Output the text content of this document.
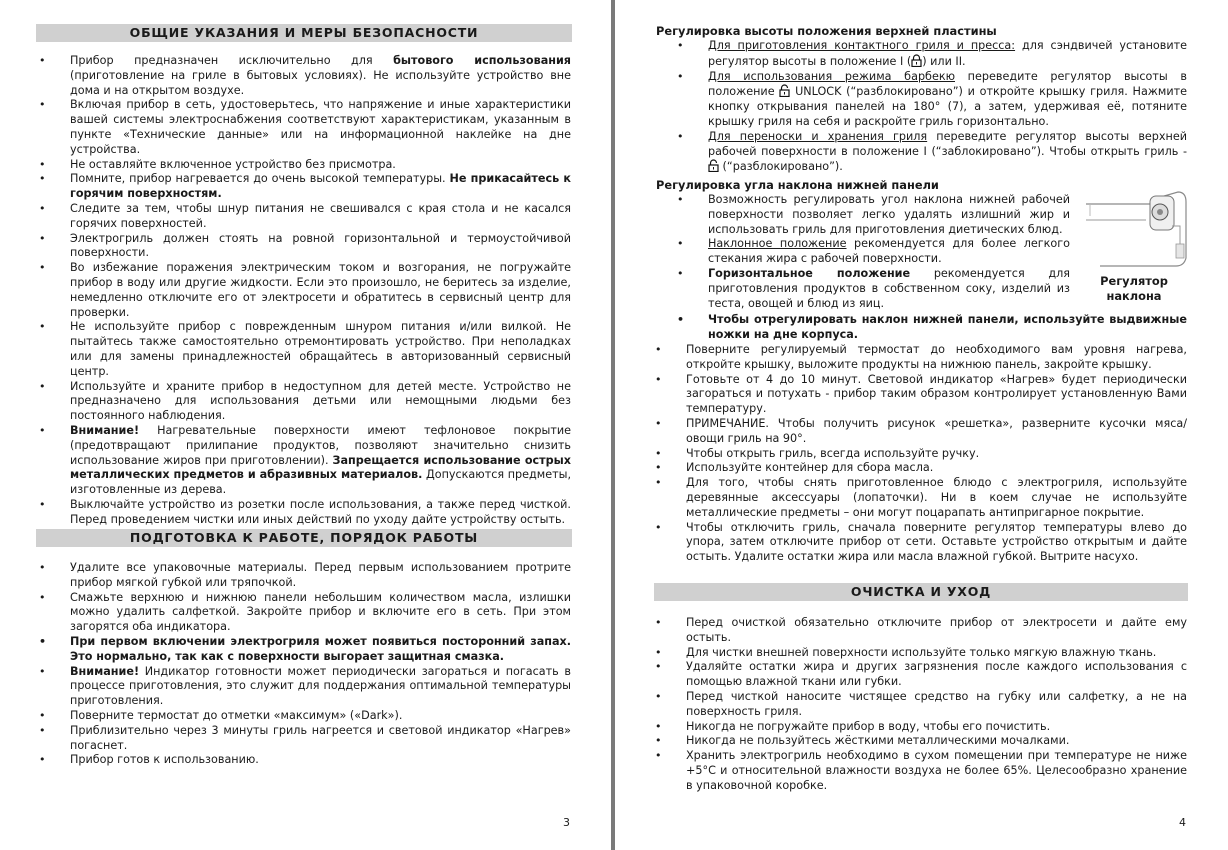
ОБЩИЕ УКАЗАНИЯ И МЕРЫ БЕЗОПАСНОСТИ
• Прибор предназначен исключительно для бытового использования (приготовление на гриле в бытовых условиях). Не используйте устройство вне дома и на открытом воздухе.
• Включая прибор в сеть, удостоверьтесь, что напряжение и иные характеристики вашей системы электроснабжения соответствуют характеристикам, указанным в пункте «Технические данные» или на информационной наклейке на дне устройства.
• Не оставляйте включенное устройство без присмотра.
• Помните, прибор нагревается до очень высокой температуры. Не прикасайтесь к горячим поверхностям.
• Следите за тем, чтобы шнур питания не свешивался с края стола и не касался горячих поверхностей.
• Электрогриль должен стоять на ровной горизонтальной и термоустойчивой поверхности.
• Во избежание поражения электрическим током и возгорания, не погружайте прибор в воду или другие жидкости. Если это произошло, не беритесь за изделие, немедленно отключите его от электросети и обратитесь в сервисный центр для проверки.
• Не используйте прибор с поврежденным шнуром питания и/или вилкой. Не пытайтесь также самостоятельно отремонтировать устройство. При неполадках или для замены принадлежностей обращайтесь в авторизованный сервисный центр.
• Используйте и храните прибор в недоступном для детей месте. Устройство не предназначено для использования детьми или немощными людьми без постоянного наблюдения.
• Внимание! Нагревательные поверхности имеют тефлоновое покрытие (предотвращают прилипание продуктов, позволяют значительно снизить использование жиров при приготовлении). Запрещается использование острых металлических предметов и абразивных материалов. Допускаются предметы, изготовленные из дерева.
• Выключайте устройство из розетки после использования, а также перед чисткой. Перед проведением чистки или иных действий по уходу дайте устройству остыть.
ПОДГОТОВКА К РАБОТЕ, ПОРЯДОК РАБОТЫ
• Удалите все упаковочные материалы. Перед первым использованием протрите прибор мягкой губкой или тряпочкой.
• Смажьте верхнюю и нижнюю панели небольшим количеством масла, излишки можно удалить салфеткой. Закройте прибор и включите его в сеть. При этом загорятся оба индикатора.
• При первом включении электрогриля может появиться посторонний запах. Это нормально, так как с поверхности выгорает защитная смазка.
• Внимание! Индикатор готовности может периодически загораться и погасать в процессе приготовления, это служит для поддержания оптимальной температуры приготовления.
• Поверните термостат до отметки «максимум» («Dark»).
• Приблизительно через 3 минуты гриль нагреется и световой индикатор «Нагрев» погаснет.
• Прибор готов к использованию.
3
Регулировка высоты положения верхней пластины
• Для приготовления контактного гриля и пресса: для сэндвичей установите регулятор высоты в положение I ( ) или II.
• Для использования режима барбекю переведите регулятор высоты в положение  UNLOCK (“разблокировано”) и откройте крышку гриля. Нажмите кнопку открывания панелей на 180° (7), а затем, удерживая её, потяните крышку гриля на себя и раскройте гриль горизонтально.
• Для переноски и хранения гриля переведите регулятор высоты верхней рабочей поверхности в положение I (“заблокировано”). Чтобы открыть гриль -  (“разблокировано”).
Регулировка угла наклона нижней панели
• Возможность регулировать угол наклона нижней рабочей поверхности позволяет легко удалять излишний жир и использовать гриль для приготовления диетических блюд.
• Наклонное положение рекомендуется для более легкого стекания жира с рабочей поверхности.
• Горизонтальное положение рекомендуется для приготовления продуктов в собственном соку, изделий из теста, овощей и блюд из яиц.
Регулятор
наклона
• Чтобы отрегулировать наклон нижней панели, используйте выдвижные ножки на дне корпуса.
• Поверните регулируемый термостат до необходимого вам уровня нагрева, откройте крышку, выложите продукты на нижнюю панель, закройте крышку.
• Готовьте от 4 до 10 минут. Световой индикатор «Нагрев» будет периодически загораться и потухать - прибор таким образом контролирует установленную Вами температуру.
• ПРИМЕЧАНИЕ. Чтобы получить рисунок «решетка», разверните кусочки мяса/овощи гриль на 90°.
• Чтобы открыть гриль, всегда используйте ручку.
• Используйте контейнер для сбора масла.
• Для того, чтобы снять приготовленное блюдо с электрогриля, используйте деревянные аксессуары (лопаточки). Ни в коем случае не используйте металлические предметы – они могут поцарапать антипригарное покрытие.
• Чтобы отключить гриль, сначала поверните регулятор температуры влево до упора, затем отключите прибор от сети. Оставьте устройство открытым и дайте остыть. Удалите остатки жира или масла влажной губкой. Вытрите насухо.
ОЧИСТКА И УХОД
• Перед очисткой обязательно отключите прибор от электросети и дайте ему остыть.
• Для чистки внешней поверхности используйте только мягкую влажную ткань.
• Удаляйте остатки жира и других загрязнения после каждого использования с помощью влажной ткани или губки.
• Перед чисткой наносите чистящее средство на губку или салфетку, а не на поверхность гриля.
• Никогда не погружайте прибор в воду, чтобы его почистить.
• Никогда не пользуйтесь жёсткими металлическими мочалками.
• Хранить электрогриль необходимо в сухом помещении при температуре не ниже +5°С и относительной влажности воздуха не более 65%. Целесообразно хранение в упаковочной коробке.
4
